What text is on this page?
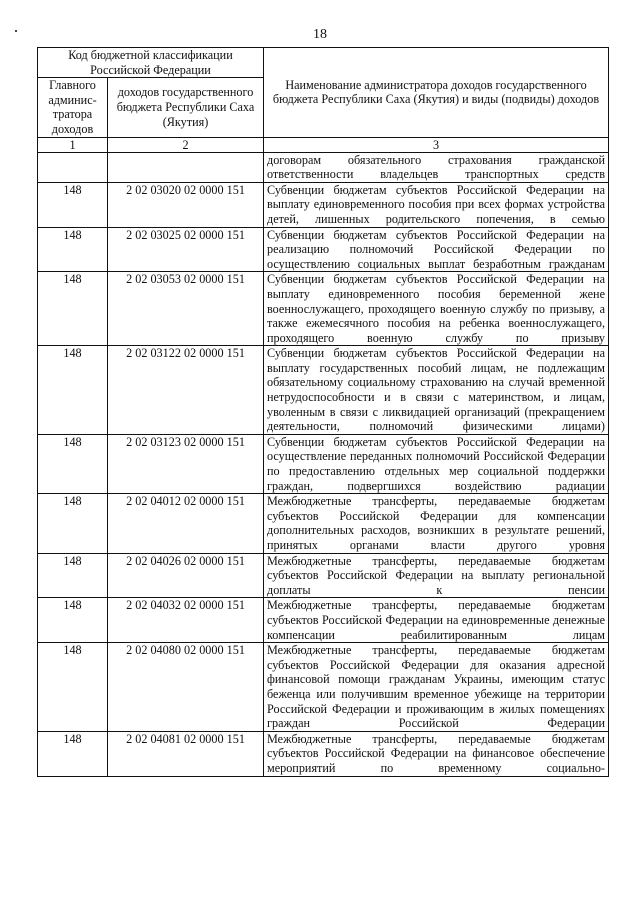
18
Код бюджетной классификации Российской Федерации		Наименование администратора доходов государственного бюджета Республики Саха (Якутия) и виды (подвиды) доходов
Главного админис-тратора доходов	доходов государственного бюджета Республики Саха (Якутия)	
1	2	3
		договорам обязательного страхования гражданской ответственности владельцев транспортных средств
148	2 02 03020 02 0000 151	Субвенции бюджетам субъектов Российской Федерации на выплату единовременного пособия при всех формах устройства детей, лишенных родительского попечения, в семью
148	2 02 03025 02 0000 151	Субвенции бюджетам субъектов Российской Федерации на реализацию полномочий Российской Федерации по осуществлению социальных выплат безработным гражданам
148	2 02 03053 02 0000 151	Субвенции бюджетам субъектов Российской Федерации на выплату единовременного пособия беременной жене военнослужащего, проходящего военную службу по призыву, а также ежемесячного пособия на ребенка военнослужащего, проходящего военную службу по призыву
148	2 02 03122 02 0000 151	Субвенции бюджетам субъектов Российской Федерации на выплату государственных пособий лицам, не подлежащим обязательному социальному страхованию на случай временной нетрудоспособности и в связи с материнством, и лицам, уволенным в связи с ликвидацией организаций (прекращением деятельности, полномочий физическими лицами)
148	2 02 03123 02 0000 151	Субвенции бюджетам субъектов Российской Федерации на осуществление переданных полномочий Российской Федерации по предоставлению отдельных мер социальной поддержки граждан, подвергшихся воздействию радиации
148	2 02 04012 02 0000 151	Межбюджетные трансферты, передаваемые бюджетам субъектов Российской Федерации для компенсации дополнительных расходов, возникших в результате решений, принятых органами власти другого уровня
148	2 02 04026 02 0000 151	Межбюджетные трансферты, передаваемые бюджетам субъектов Российской Федерации на выплату региональной доплаты к пенсии
148	2 02 04032 02 0000 151	Межбюджетные трансферты, передаваемые бюджетам субъектов Российской Федерации на единовременные денежные компенсации реабилитированным лицам
148	2 02 04080 02 0000 151	Межбюджетные трансферты, передаваемые бюджетам субъектов Российской Федерации для оказания адресной финансовой помощи гражданам Украины, имеющим статус беженца или получившим временное убежище на территории Российской Федерации и проживающим в жилых помещениях граждан Российской Федерации
148	2 02 04081 02 0000 151	Межбюджетные трансферты, передаваемые бюджетам субъектов Российской Федерации на финансовое обеспечение мероприятий по временному социально-
